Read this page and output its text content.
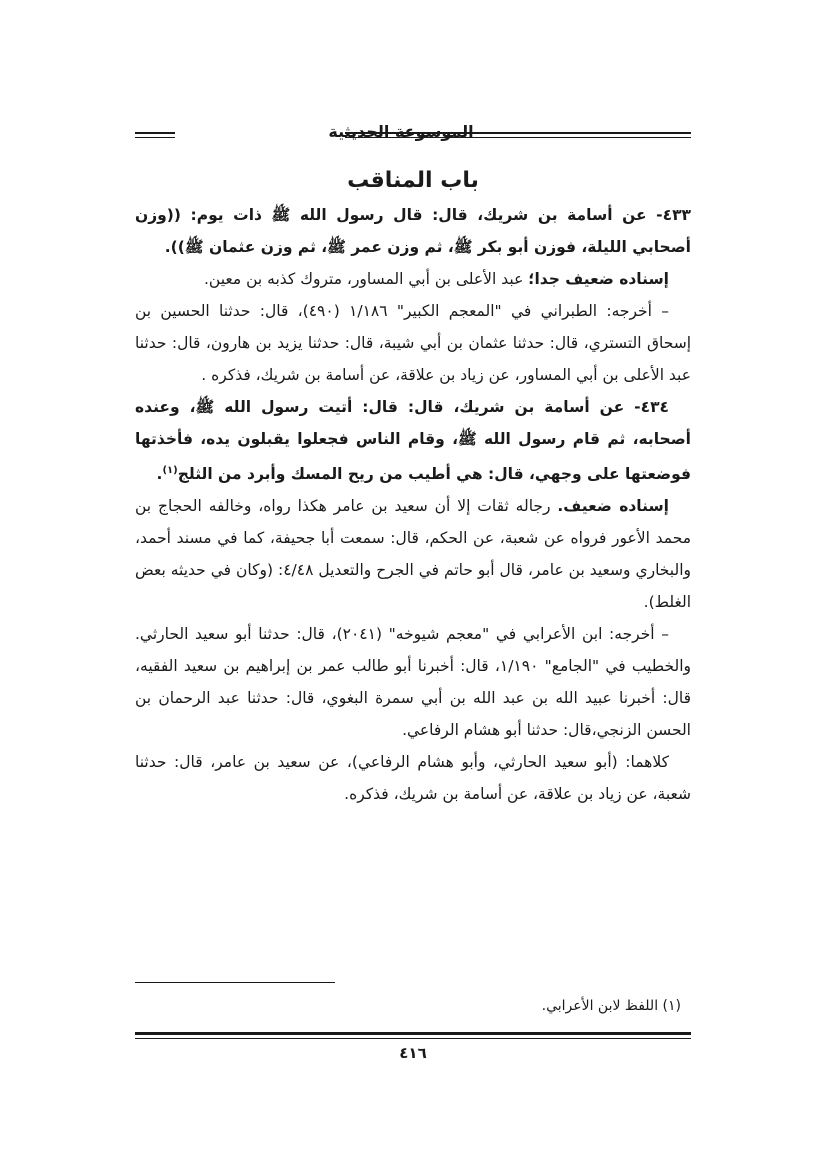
الموسوعة الحديثية
باب المناقب

٤٣٣- عن أسامة بن شريك، قال: قال رسول الله ﷺ ذات يوم: ((وزن أصحابي الليلة، فوزن أبو بكر ﷺ، ثم وزن عمر ﷺ، ثم وزن عثمان ﷺ)).

إسناده ضعيف جدا؛ عبد الأعلى بن أبي المساور، متروك كذبه بن معين.

– أخرجه: الطبراني في "المعجم الكبير" ١/١٨٦ (٤٩٠)، قال: حدثنا الحسين بن إسحاق التستري، قال: حدثنا عثمان بن أبي شيبة، قال: حدثنا يزيد بن هارون، قال: حدثنا عبد الأعلى بن أبي المساور، عن زياد بن علاقة، عن أسامة بن شريك، فذكره .

٤٣٤- عن أسامة بن شريك، قال: قال: أتيت رسول الله ﷺ، وعنده أصحابه، ثم قام رسول الله ﷺ، وقام الناس فجعلوا يقبلون يده، فأخذتها فوضعتها على وجهي، قال: هي أطيب من ريح المسك وأبرد من الثلج$^{(١)}$.

إسناده ضعيف. رجاله ثقات إلا أن سعيد بن عامر هكذا رواه، وخالفه الحجاج بن محمد الأعور فرواه عن شعبة، عن الحكم، قال: سمعت أبا جحيفة، كما في مسند أحمد، والبخاري وسعيد بن عامر، قال أبو حاتم في الجرح والتعديل ٤/٤٨: (وكان في حديثه بعض الغلط).

– أخرجه: ابن الأعرابي في "معجم شيوخه" (٢٠٤١)، قال: حدثنا أبو سعيد الحارثي. والخطيب في "الجامع" ١/١٩٠، قال: أخبرنا أبو طالب عمر بن إبراهيم بن سعيد الفقيه، قال: أخبرنا عبيد الله بن عبد الله بن أبي سمرة البغوي، قال: حدثنا عبد الرحمان بن الحسن الزنجي،قال: حدثنا أبو هشام الرفاعي.

كلاهما: (أبو سعيد الحارثي، وأبو هشام الرفاعي)، عن سعيد بن عامر، قال: حدثنا شعبة، عن زياد بن علاقة، عن أسامة بن شريك، فذكره.

(١) اللفظ لابن الأعرابي.
٤١٦
